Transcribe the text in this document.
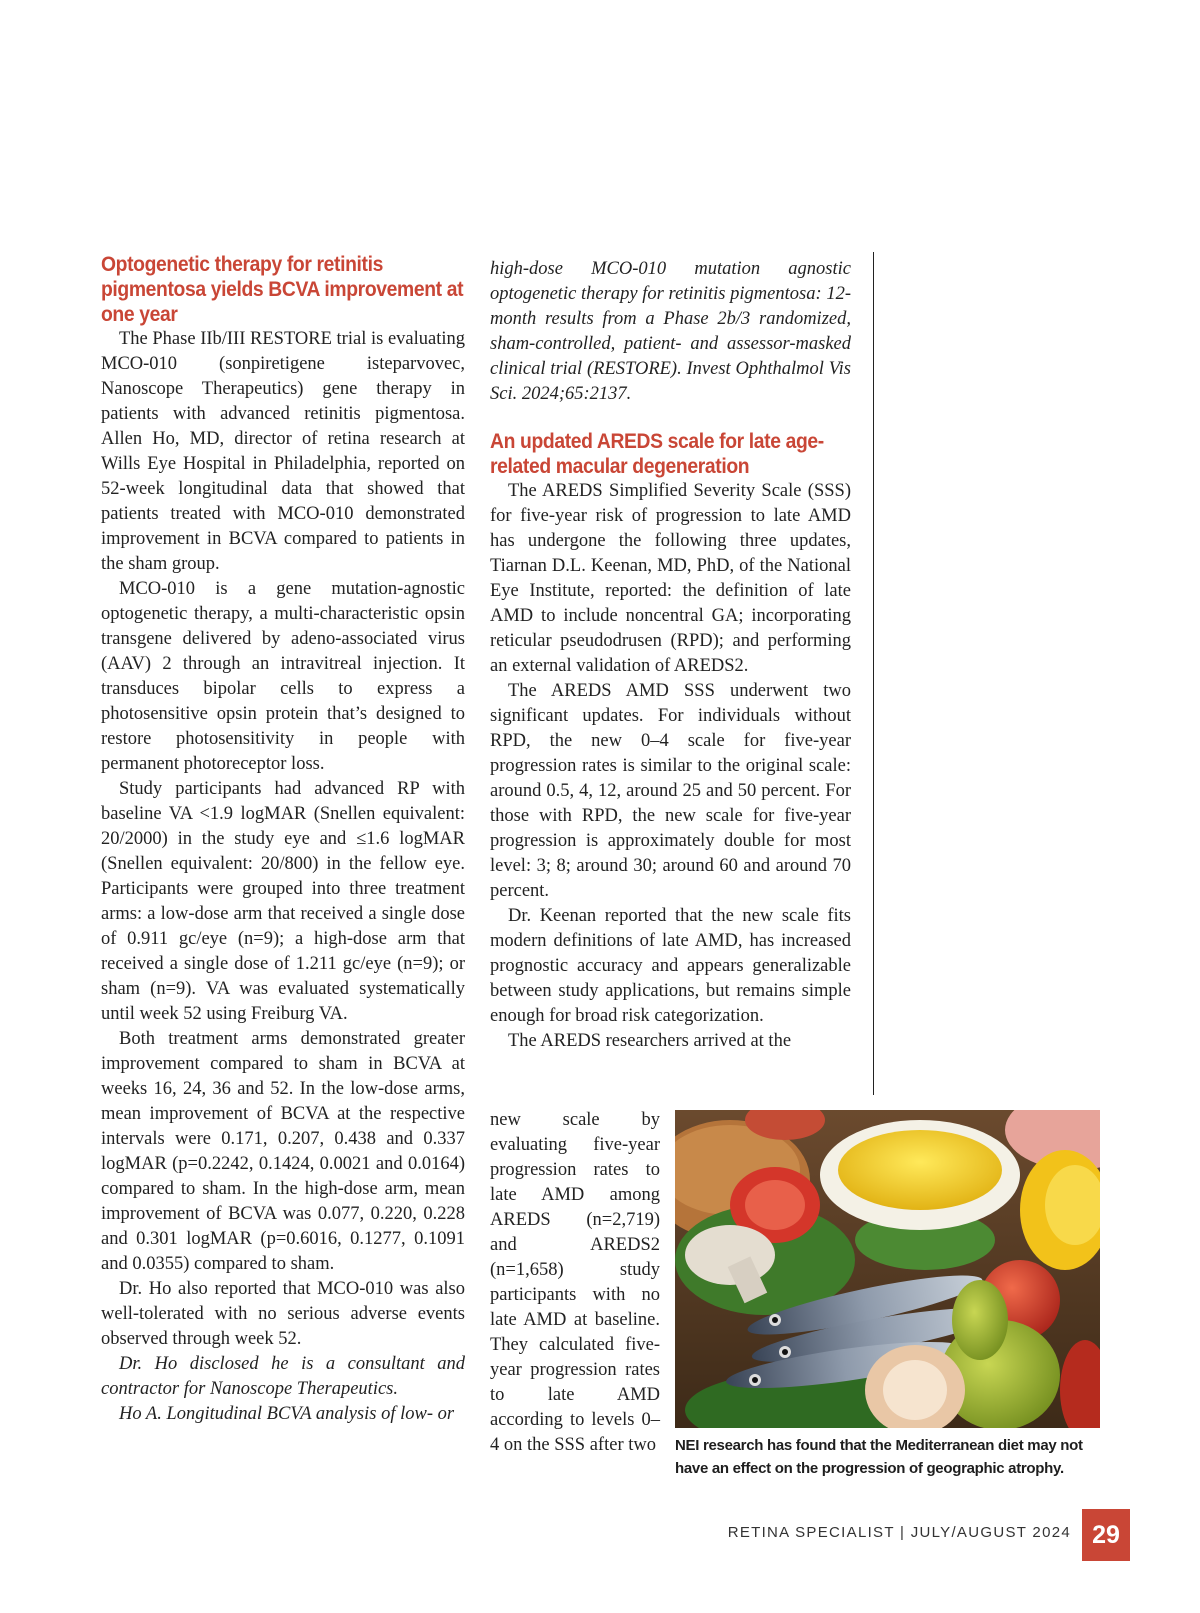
Optogenetic therapy for retinitis pigmentosa yields BCVA improvement at one year

The Phase IIb/III RESTORE trial is evaluating MCO-010 (sonpiretigene isteparvovec, Nanoscope Therapeutics) gene therapy in patients with advanced retinitis pigmentosa. Allen Ho, MD, director of retina research at Wills Eye Hospital in Philadelphia, reported on 52-week longitudinal data that showed that patients treated with MCO-010 demonstrated improvement in BCVA compared to patients in the sham group.

MCO-010 is a gene mutation-agnostic optogenetic therapy, a multi-characteristic opsin transgene delivered by adeno-associated virus (AAV) 2 through an intravitreal injection. It transduces bipolar cells to express a photosensitive opsin protein that’s designed to restore photosensitivity in people with permanent photoreceptor loss.

Study participants had advanced RP with baseline VA <1.9 logMAR (Snellen equivalent: 20/2000) in the study eye and ≤1.6 logMAR (Snellen equivalent: 20/800) in the fellow eye. Participants were grouped into three treatment arms: a low-dose arm that received a single dose of 0.911 gc/eye (n=9); a high-dose arm that received a single dose of 1.211 gc/eye (n=9); or sham (n=9). VA was evaluated systematically until week 52 using Freiburg VA.

Both treatment arms demonstrated greater improvement compared to sham in BCVA at weeks 16, 24, 36 and 52. In the low-dose arms, mean improvement of BCVA at the respective intervals were 0.171, 0.207, 0.438 and 0.337 logMAR (p=0.2242, 0.1424, 0.0021 and 0.0164) compared to sham. In the high-dose arm, mean improvement of BCVA was 0.077, 0.220, 0.228 and 0.301 logMAR (p=0.6016, 0.1277, 0.1091 and 0.0355) compared to sham.

Dr. Ho also reported that MCO-010 was also well-tolerated with no serious adverse events observed through week 52.

Dr. Ho disclosed he is a consultant and contractor for Nanoscope Therapeutics.

Ho A. Longitudinal BCVA analysis of low- or

high-dose MCO-010 mutation agnostic optogenetic therapy for retinitis pigmentosa: 12-month results from a Phase 2b/3 randomized, sham-controlled, patient- and assessor-masked clinical trial (RESTORE). Invest Ophthalmol Vis Sci. 2024;65:2137.

An updated AREDS scale for late age-related macular degeneration

The AREDS Simplified Severity Scale (SSS) for five-year risk of progression to late AMD has undergone the following three updates, Tiarnan D.L. Keenan, MD, PhD, of the National Eye Institute, reported: the definition of late AMD to include noncentral GA; incorporating reticular pseudodrusen (RPD); and performing an external validation of AREDS2.

The AREDS AMD SSS underwent two significant updates. For individuals without RPD, the new 0–4 scale for five-year progression rates is similar to the original scale: around 0.5, 4, 12, around 25 and 50 percent. For those with RPD, the new scale for five-year progression is approximately double for most level: 3; 8; around 30; around 60 and around 70 percent.

Dr. Keenan reported that the new scale fits modern definitions of late AMD, has increased prognostic accuracy and appears generalizable between study applications, but remains simple enough for broad risk categorization.

The AREDS researchers arrived at the

new scale by evaluating five-year progression rates to late AMD among AREDS (n=2,719) and AREDS2 (n=1,658) study participants with no late AMD at baseline. They calculated five-year progression rates to late AMD according to levels 0–4 on the SSS after two NEI research has found that the Mediterranean diet may not have an effect on the progression of geographic atrophy.
RETINA SPECIALIST | JULY/AUGUST 2024 29
